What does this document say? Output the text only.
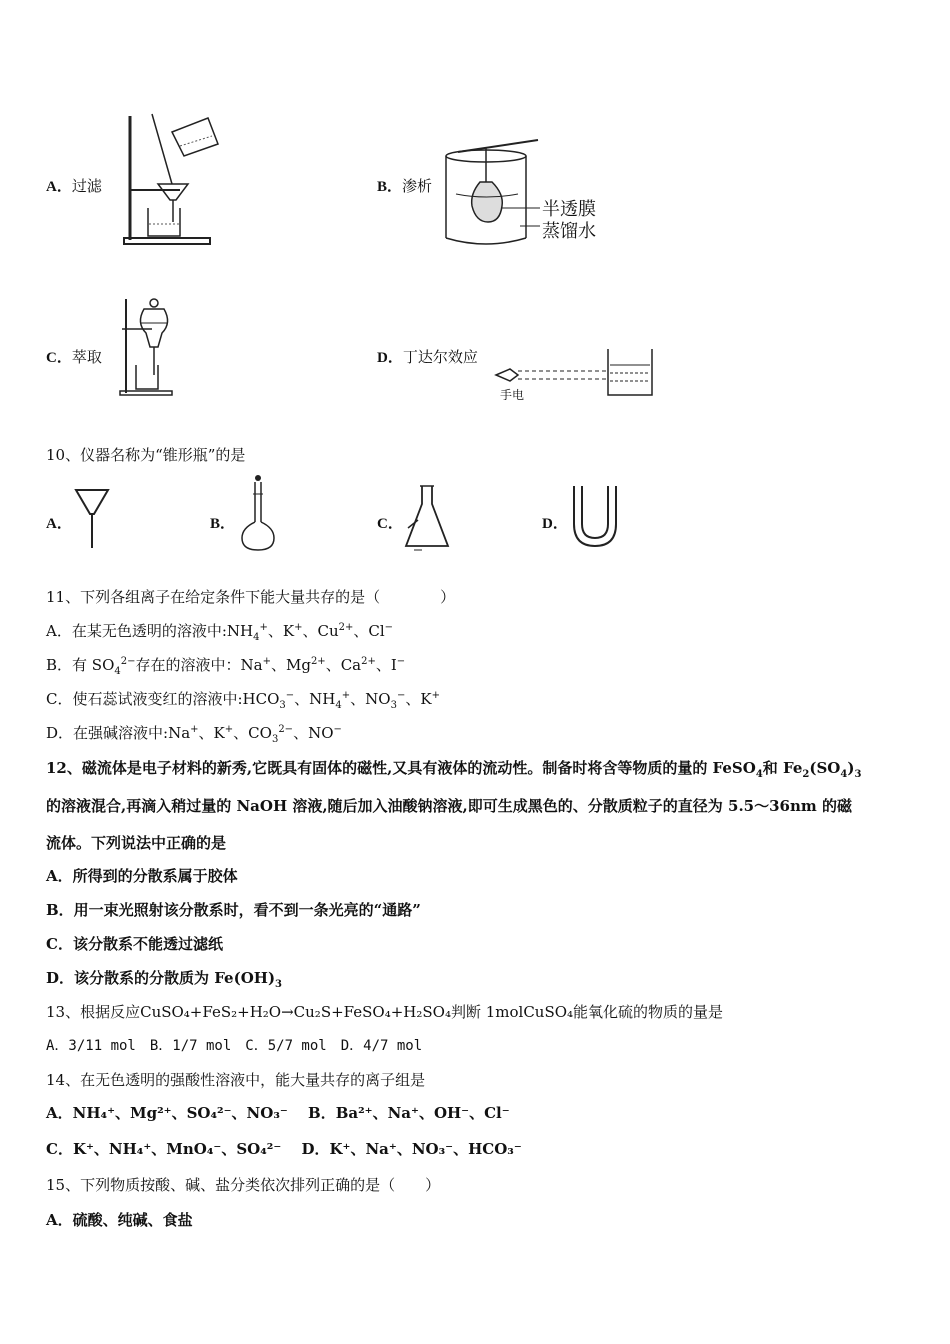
A．过滤	B．渗析
半透膜
蒸馏水
C．萃取	D．丁达尔效应
手电
10、仪器名称为“锥形瓶”的是
A．	B．	C．	D．
11、下列各组离子在给定条件下能大量共存的是（　　　　）
A．在某无色透明的溶液中$:NH_4^+$、K+、$Cu^{2+}$、Cl−
B．有 $SO_4^{2-}$存在的溶液中：Na+、$Mg^{2+}$、$Ca^{2+}$、I−
C．使石蕊试液变红的溶液中$:HCO_3^-$、$NH_4^+$、$NO_3^-$、K+
D．在强碱溶液中:Na+、K+、$CO_3^{2-}$、NO−
12、磁流体是电子材料的新秀,它既具有固体的磁性,又具有液体的流动性。制备时将含等物质的量的 FeSO$_4$和 $Fe_2(SO_4)_3$
的溶液混合,再滴入稍过量的 NaOH 溶液,随后加入油酸钠溶液,即可生成黑色的、分散质粒子的直径为 5.5～36nm 的磁
流体。下列说法中正确的是
A．所得到的分散系属于胶体
B．用一束光照射该分散系时，看不到一条光亮的“通路”
C．该分散系不能透过滤纸
D．该分散系的分散质为 $Fe(OH)_3$
13、根据反应CuSO₄+FeS₂+H₂O→Cu₂S+FeSO₄+H₂SO₄判断 1molCuSO₄能氧化硫的物质的量是
A．3/11 mol　B．1/7 mol　C．5/7 mol　D．4/7 mol
14、在无色透明的强酸性溶液中，能大量共存的离子组是
A．NH₄⁺、Mg²⁺、SO₄²⁻、NO₃⁻　 B．Ba²⁺、Na⁺、OH⁻、Cl⁻
C．K⁺、NH₄⁺、MnO₄⁻、SO₄²⁻　 D．K⁺、Na⁺、NO₃⁻、HCO₃⁻
15、下列物质按酸、碱、盐分类依次排列正确的是（　　）
A．硫酸、纯碱、食盐
